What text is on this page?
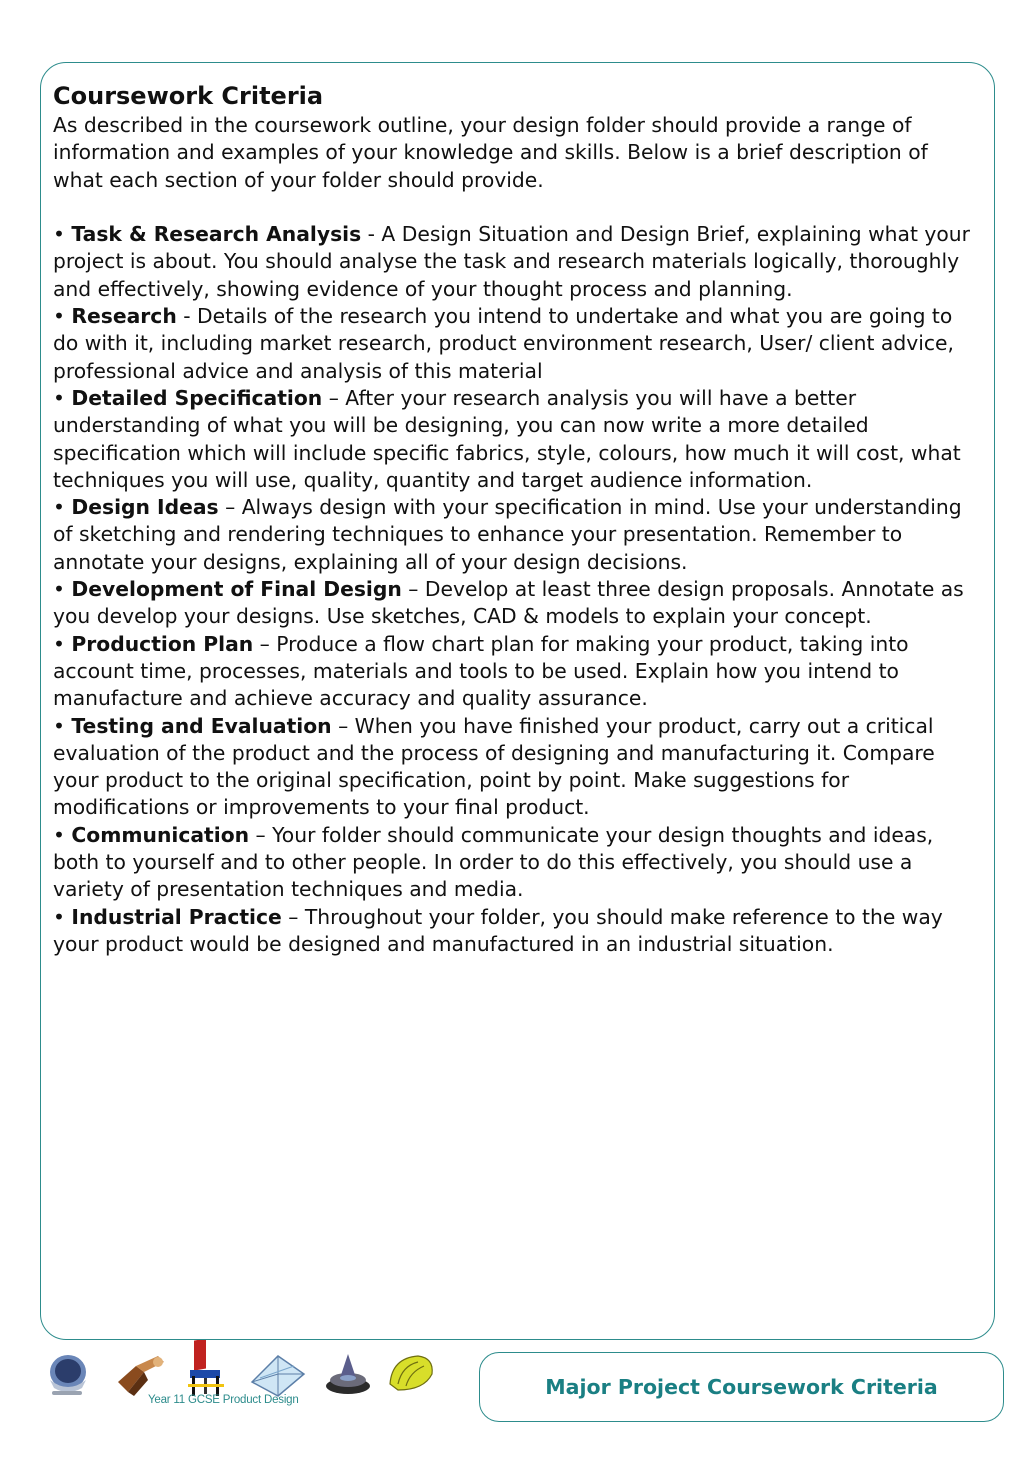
Coursework Criteria

As described in the coursework outline, your design folder should provide a range of information and examples of your knowledge and skills. Below is a brief description of what each section of your folder should provide.

• Task & Research Analysis - A Design Situation and Design Brief, explaining what your project is about. You should analyse the task and research materials logically, thoroughly and effectively, showing evidence of your thought process and planning.

• Research - Details of the research you intend to undertake and what you are going to do with it, including market research, product environment research, User/ client advice, professional advice and analysis of this material

• Detailed Specification – After your research analysis you will have a better understanding of what you will be designing, you can now write a more detailed specification which will include specific fabrics, style, colours, how much it will cost, what techniques you will use, quality, quantity and target audience information.

• Design Ideas – Always design with your specification in mind. Use your understanding of sketching and rendering techniques to enhance your presentation. Remember to annotate your designs, explaining all of your design decisions.

• Development of Final Design – Develop at least three design proposals. Annotate as you develop your designs. Use sketches, CAD & models to explain your concept.

• Production Plan – Produce a flow chart plan for making your product, taking into account time, processes, materials and tools to be used. Explain how you intend to manufacture and achieve accuracy and quality assurance.

• Testing and Evaluation – When you have finished your product, carry out a critical evaluation of the product and the process of designing and manufacturing it. Compare your product to the original specification, point by point. Make suggestions for modifications or improvements to your final product.

• Communication – Your folder should communicate your design thoughts and ideas, both to yourself and to other people. In order to do this effectively, you should use a variety of presentation techniques and media.

• Industrial Practice – Throughout your folder, you should make reference to the way your product would be designed and manufactured in an industrial situation.

Year 11 GCSE Product Design
Major Project Coursework Criteria
